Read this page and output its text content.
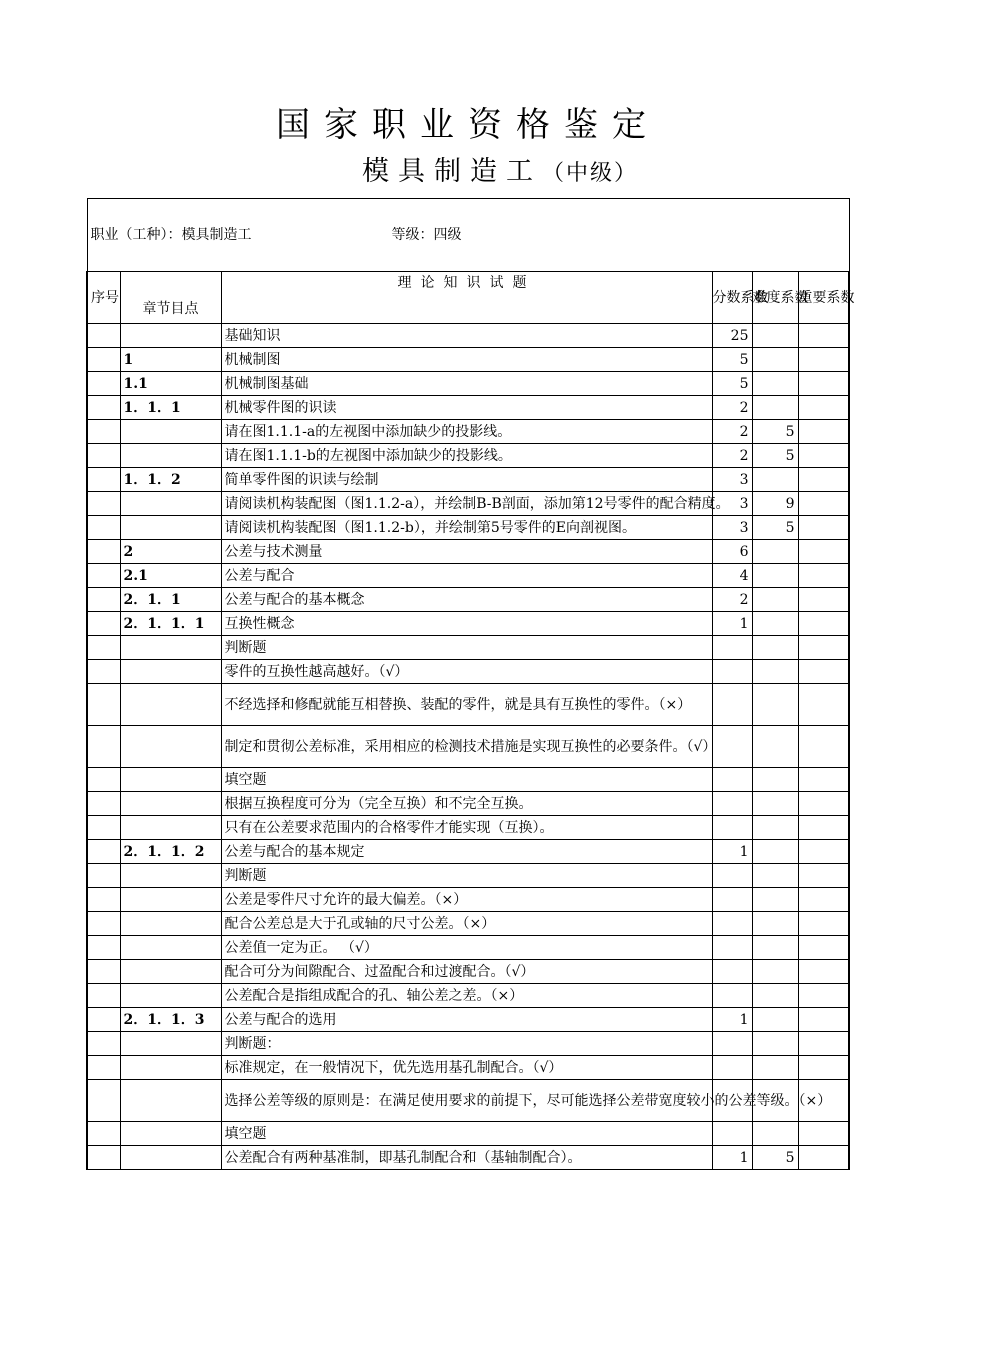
国家职业资格鉴定
模具制造工（中级）
职业（工种）：模具制造工 等级：四级					
序号	章节目点	理论知识试题	分数系数	难度系数	重要系数
		基础知识	25		
	1	机械制图	5		
	1.1	机械制图基础	5		
	1．1．1	机械零件图的识读	2		
		请在图1.1.1-a的左视图中添加缺少的投影线。	2	5	
		请在图1.1.1-b的左视图中添加缺少的投影线。	2	5	
	1．1．2	简单零件图的识读与绘制	3		
		请阅读机构装配图（图1.1.2-a），并绘制B-B剖面，添加第12号零件的配合精度。	3	9	
		请阅读机构装配图（图1.1.2-b），并绘制第5号零件的E向剖视图。	3	5	
	2	公差与技术测量	6		
	2.1	公差与配合	4		
	2．1．1	公差与配合的基本概念	2		
	2．1．1．1	互换性概念	1		
		判断题			
		零件的互换性越高越好。（√）			
		不经选择和修配就能互相替换、装配的零件，就是具有互换性的零件。（×）			
		制定和贯彻公差标准，采用相应的检测技术措施是实现互换性的必要条件。（√）			
		填空题			
		根据互换程度可分为（完全互换）和不完全互换。			
		只有在公差要求范围内的合格零件才能实现（互换）。			
	2．1．1．2	公差与配合的基本规定	1		
		判断题			
		公差是零件尺寸允许的最大偏差。（×）			
		配合公差总是大于孔或轴的尺寸公差。（×）			
		公差值一定为正。 （√）			
		配合可分为间隙配合、过盈配合和过渡配合。（√）			
		公差配合是指组成配合的孔、轴公差之差。（×）			
	2．1．1．3	公差与配合的选用	1		
		判断题：			
		标准规定，在一般情况下，优先选用基孔制配合。（√）			
		选择公差等级的原则是：在满足使用要求的前提下，尽可能选择公差带宽度较小的公差等级。（×）			
		填空题			
		公差配合有两种基准制，即基孔制配合和（基轴制配合）。	1	5	
